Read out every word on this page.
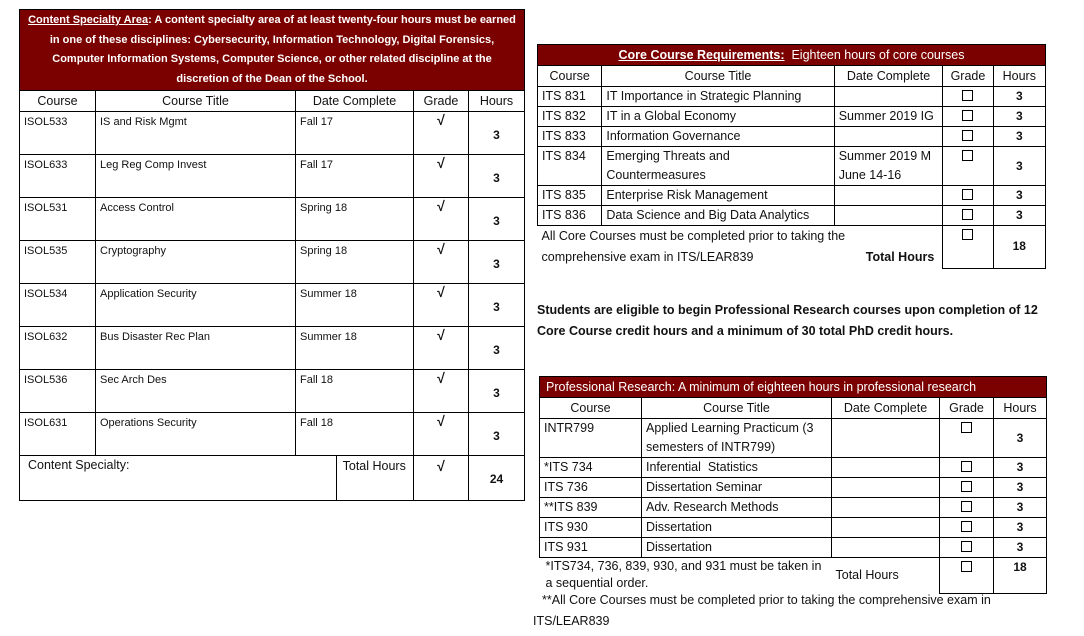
Content Specialty Area: A content specialty area of at least twenty-four hours must be earned in one of these disciplines: Cybersecurity, Information Technology, Digital Forensics, Computer Information Systems, Computer Science, or other related discipline at the discretion of the Dean of the School.				
Course	Course Title	Date Complete	Grade	Hours
ISOL533	IS and Risk Mgmt	Fall 17	√	3
ISOL633	Leg Reg Comp Invest	Fall 17	√	3
ISOL531	Access Control	Spring 18	√	3
ISOL535	Cryptography	Spring 18	√	3
ISOL534	Application Security	Summer 18	√	3
ISOL632	Bus Disaster Rec Plan	Summer 18	√	3
ISOL536	Sec Arch Des	Fall 18	√	3
ISOL631	Operations Security	Fall 18	√	3
Content Specialty:		Total Hours	√	24
Core Course Requirements:  Eighteen hours of core courses				
Course	Course Title	Date Complete	Grade	Hours
ITS 831	IT Importance in Strategic Planning			3
ITS 832	IT in a Global Economy	Summer 2019 IG		3
ITS 833	Information Governance			3
ITS 834	Emerging Threats and Countermeasures	Summer 2019 M June 14-16		3
ITS 835	Enterprise Risk Management			3
ITS 836	Data Science and Big Data Analytics			3

All Core Courses must be completed prior to taking the
comprehensive exam in ITS/LEAR839 Total Hours				18
Students are eligible to begin Professional Research courses upon completion of 12
Core Course credit hours and a minimum of 30 total PhD credit hours.
Professional Research: A minimum of eighteen hours in professional research				
Course	Course Title	Date Complete	Grade	Hours
INTR799	Applied Learning Practicum (3 semesters of INTR799)			3
*ITS 734	Inferential  Statistics			3
ITS 736	Dissertation Seminar			3
**ITS 839	Adv. Research Methods			3
ITS 930	Dissertation			3
ITS 931	Dissertation			3
*ITS734, 736, 839, 930, and 931 must be taken in a sequential order.		Total Hours		18
**All Core Courses must be completed prior to taking the comprehensive exam in
ITS/LEAR839
